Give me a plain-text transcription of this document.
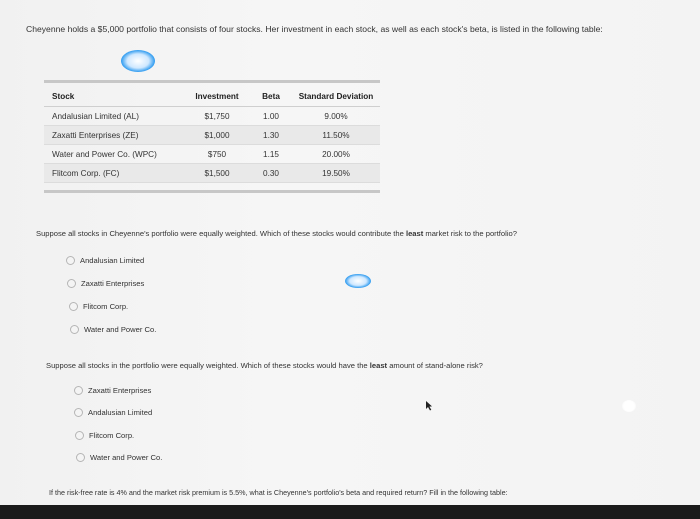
Cheyenne holds a $5,000 portfolio that consists of four stocks. Her investment in each stock, as well as each stock's beta, is listed in the following table:
Stock	Investment	Beta	Standard Deviation
Andalusian Limited (AL)	$1,750	1.00	9.00%
Zaxatti Enterprises (ZE)	$1,000	1.30	11.50%
Water and Power Co. (WPC)	$750	1.15	20.00%
Flitcom Corp. (FC)	$1,500	0.30	19.50%
Suppose all stocks in Cheyenne's portfolio were equally weighted. Which of these stocks would contribute the least market risk to the portfolio?
Andalusian Limited
Zaxatti Enterprises
Flitcom Corp.
Water and Power Co.
Suppose all stocks in the portfolio were equally weighted. Which of these stocks would have the least amount of stand-alone risk?
Zaxatti Enterprises
Andalusian Limited
Flitcom Corp.
Water and Power Co.
If the risk-free rate is 4% and the market risk premium is 5.5%, what is Cheyenne's portfolio's beta and required return? Fill in the following table:
